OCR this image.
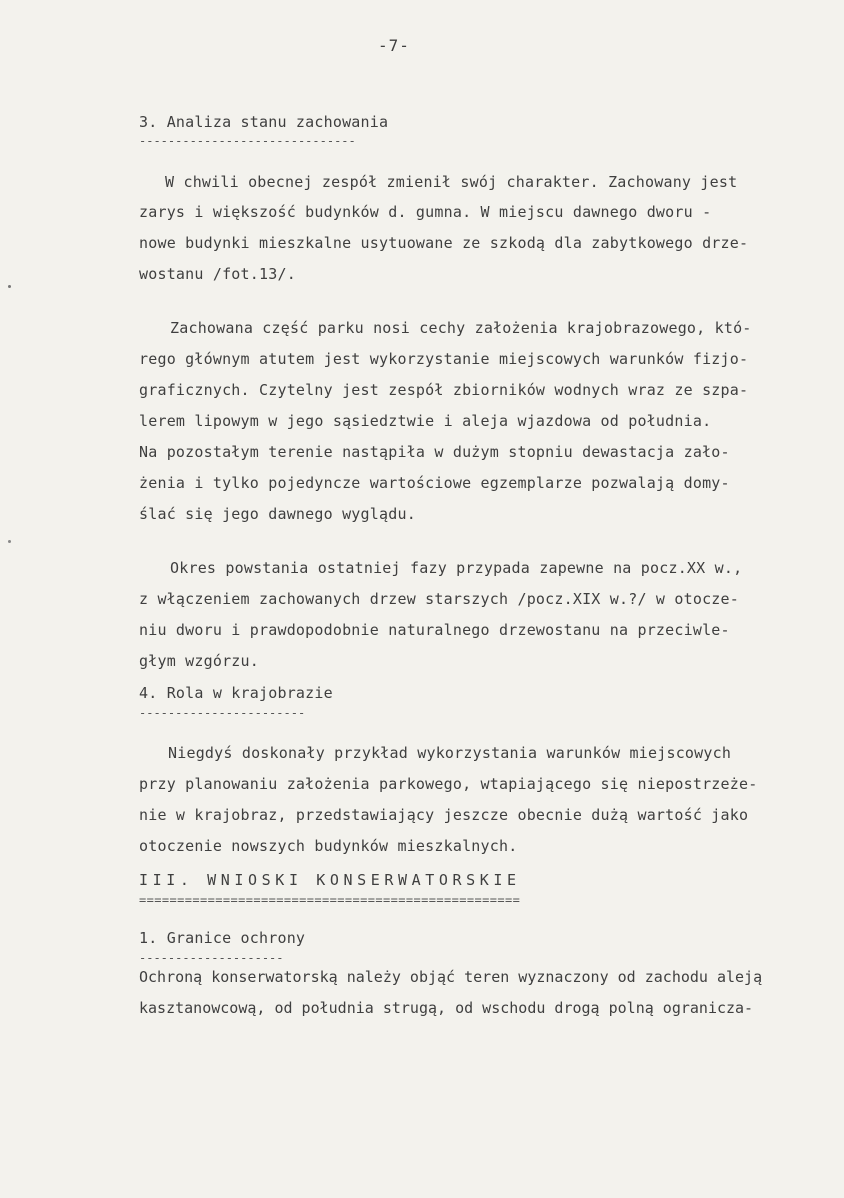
-7-
3. Analiza stanu zachowania
------------------------------
W chwili obecnej zespół zmienił swój charakter. Zachowany jest
zarys i większość budynków d. gumna. W miejscu dawnego dworu -
nowe budynki mieszkalne usytuowane ze szkodą dla zabytkowego drze-
wostanu /fot.13/.
Zachowana część parku nosi cechy założenia krajobrazowego, któ-
rego głównym atutem jest wykorzystanie miejscowych warunków fizjo-
graficznych. Czytelny jest zespół zbiorników wodnych wraz ze szpa-
lerem lipowym w jego sąsiedztwie i aleja wjazdowa od południa.
Na pozostałym terenie nastąpiła w dużym stopniu dewastacja zało-
żenia i tylko pojedyncze wartościowe egzemplarze pozwalają domy-
ślać się jego dawnego wyglądu.
Okres powstania ostatniej fazy przypada zapewne na pocz.XX w.,
z włączeniem zachowanych drzew starszych /pocz.XIX w.?/ w otocze-
niu dworu i prawdopodobnie naturalnego drzewostanu na przeciwle-
głym wzgórzu.
4. Rola w krajobrazie
-----------------------
Niegdyś doskonały przykład wykorzystania warunków miejscowych
przy planowaniu założenia parkowego, wtapiającego się niepostrzeże-
nie w krajobraz, przedstawiający jeszcze obecnie dużą wartość jako
otoczenie nowszych budynków mieszkalnych.
III. WNIOSKI KONSERWATORSKIE
==================================================
1. Granice ochrony
--------------------
Ochroną konserwatorską należy objąć teren wyznaczony od zachodu aleją
kasztanowcową, od południa strugą, od wschodu drogą polną ogranicza-
